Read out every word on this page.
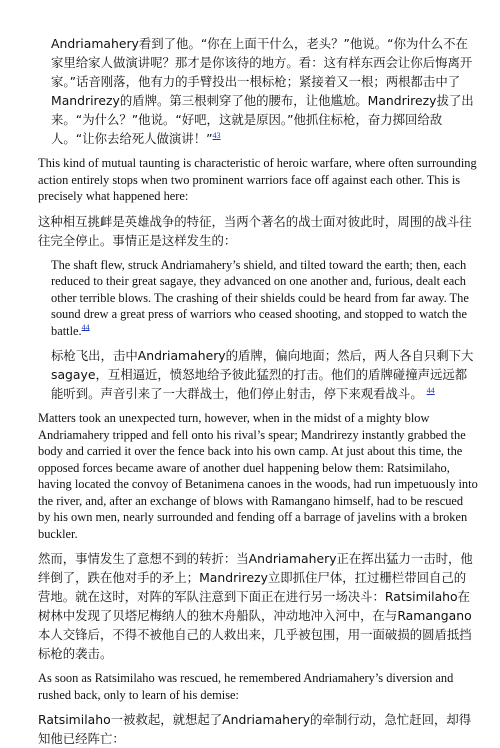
Andriamahery看到了他。“你在上面干什么，老头？”他说。“你为什么不在家里给家人做演讲呢？那才是你该待的地方。看：这有样东西会让你后悔离开家。”话音刚落，他有力的手臂投出一根标枪；紧接着又一根；两根都击中了Mandrirezy的盾牌。第三根刺穿了他的腰布，让他尴尬。Mandrirezy拔了出来。“为什么？”他说。“好吧，这就是原因。”他抓住标枪，奋力掷回给敌人。“让你去给死人做演讲！”$^{43}$

This kind of mutual taunting is characteristic of heroic warfare, where often surrounding action entirely stops when two prominent warriors face off against each other. This is precisely what happened here:

这种相互挑衅是英雄战争的特征，当两个著名的战士面对彼此时，周围的战斗往往完全停止。事情正是这样发生的：

The shaft flew, struck Andriamahery’s shield, and tilted toward the earth; then, each reduced to their great sagaye, they advanced on one another and, furious, dealt each other terrible blows. The crashing of their shields could be heard from far away. The sound drew a great press of warriors who ceased shooting, and stopped to watch the battle.$^{44}$

标枪飞出，击中Andriamahery的盾牌，偏向地面；然后，两人各自只剩下大sagaye，互相逼近，愤怒地给予彼此猛烈的打击。他们的盾牌碰撞声远远都能听到。声音引来了一大群战士，他们停止射击，停下来观看战斗。 $^{44}$

Matters took an unexpected turn, however, when in the midst of a mighty blow Andriamahery tripped and fell onto his rival’s spear; Mandrirezy instantly grabbed the body and carried it over the fence back into his own camp. At just about this time, the opposed forces became aware of another duel happening below them: Ratsimilaho, having located the convoy of Betanimena canoes in the woods, had run impetuously into the river, and, after an exchange of blows with Ramangano himself, had to be rescued by his own men, nearly surrounded and fending off a barrage of javelins with a broken buckler.

然而，事情发生了意想不到的转折：当Andriamahery正在挥出猛力一击时，他绊倒了，跌在他对手的矛上；Mandrirezy立即抓住尸体，扛过栅栏带回自己的营地。就在这时，对阵的军队注意到下面正在进行另一场决斗：Ratsimilaho在树林中发现了贝塔尼梅纳人的独木舟船队，冲动地冲入河中，在与Ramangano本人交锋后，不得不被他自己的人救出来，几乎被包围，用一面破损的圆盾抵挡标枪的袭击。

As soon as Ratsimilaho was rescued, he remembered Andriamahery’s diversion and rushed back, only to learn of his demise:

Ratsimilaho一被救起，就想起了Andriamahery的牵制行动，急忙赶回，却得知他已经阵亡：
